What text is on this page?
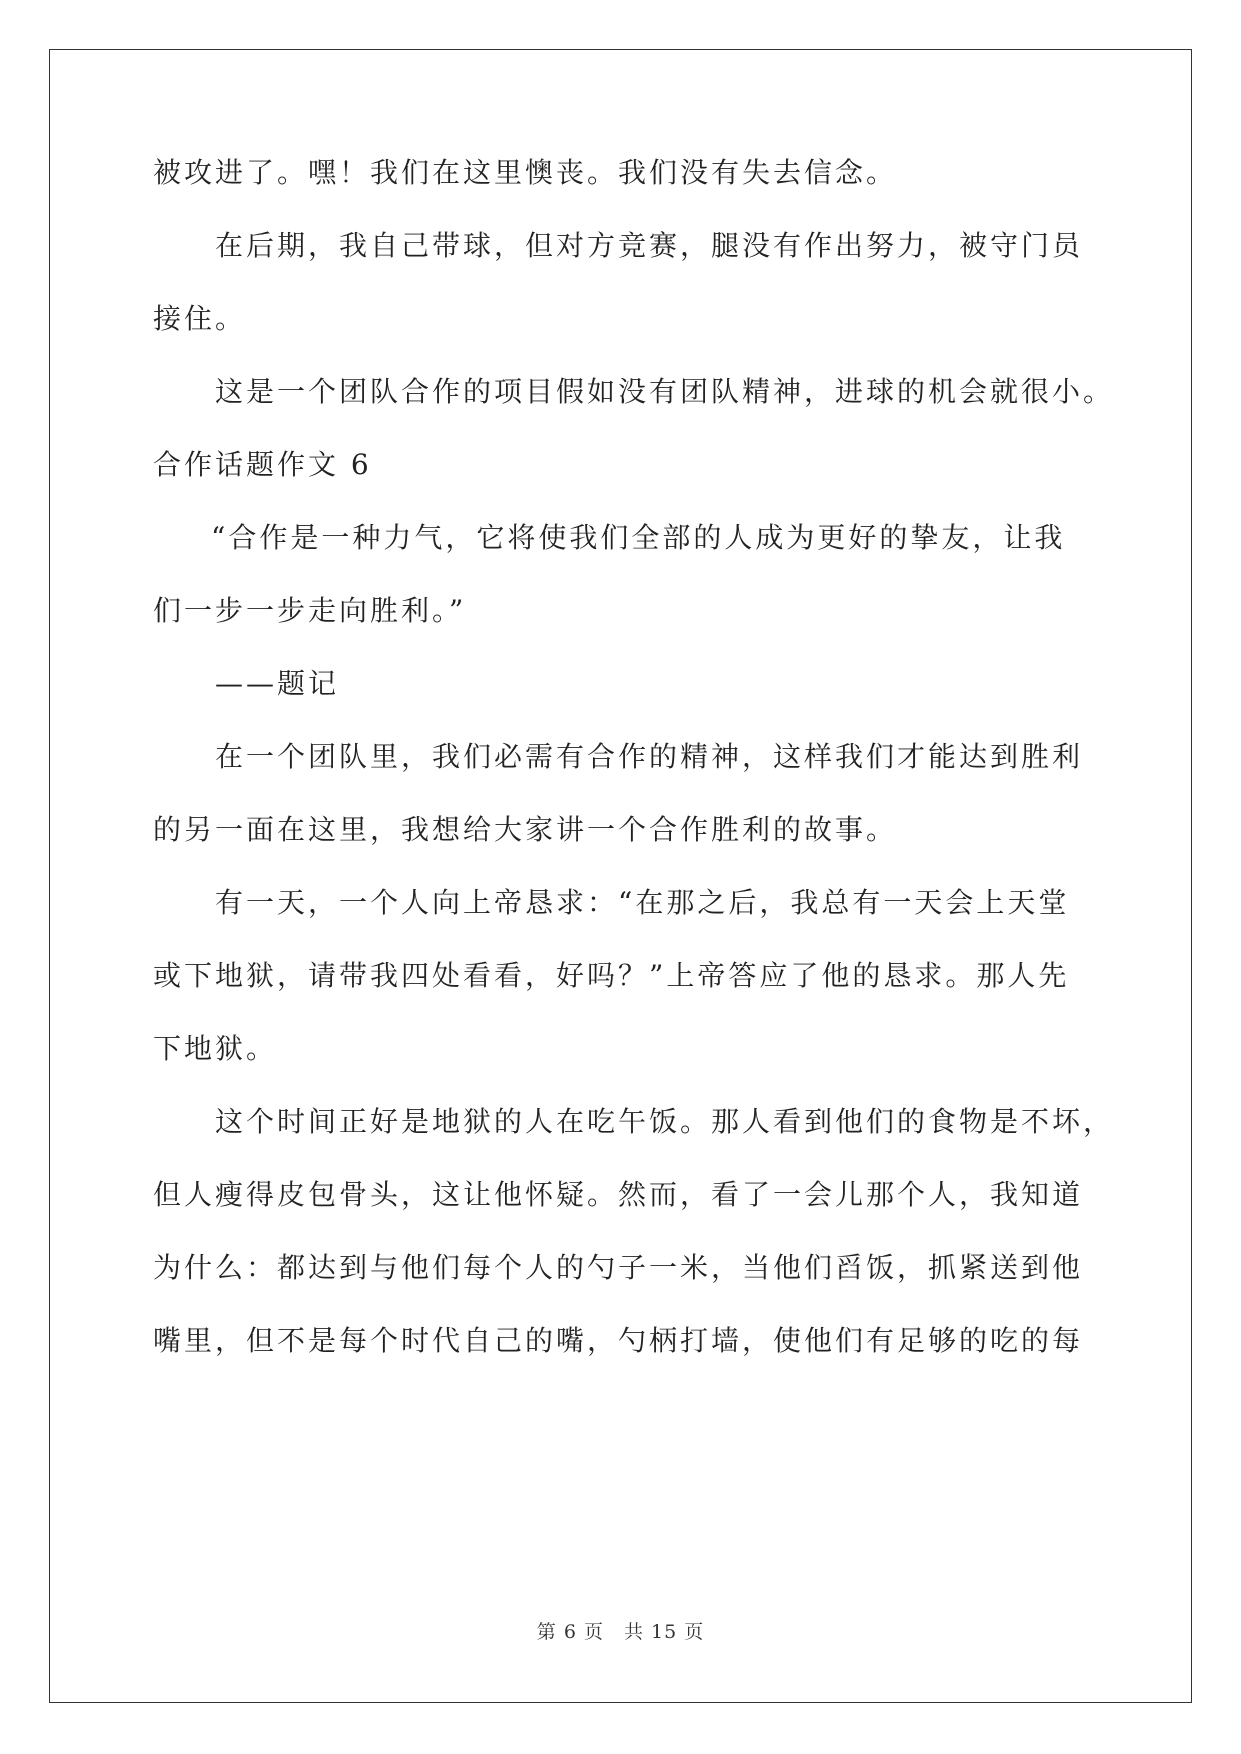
被攻进了。嘿！我们在这里懊丧。我们没有失去信念。
在后期，我自己带球，但对方竞赛，腿没有作出努力，被守门员
接住。
这是一个团队合作的项目假如没有团队精神，进球的机会就很小。
合作话题作文 6
“合作是一种力气，它将使我们全部的人成为更好的挚友，让我
们一步一步走向胜利。”
——题记
在一个团队里，我们必需有合作的精神，这样我们才能达到胜利
的另一面在这里，我想给大家讲一个合作胜利的故事。
有一天，一个人向上帝恳求：“在那之后，我总有一天会上天堂
或下地狱，请带我四处看看，好吗？”上帝答应了他的恳求。那人先
下地狱。
这个时间正好是地狱的人在吃午饭。那人看到他们的食物是不坏，
但人瘦得皮包骨头，这让他怀疑。然而，看了一会儿那个人，我知道
为什么：都达到与他们每个人的勺子一米，当他们舀饭，抓紧送到他
嘴里，但不是每个时代自己的嘴，勺柄打墙，使他们有足够的吃的每
第 6 页　共 15 页
